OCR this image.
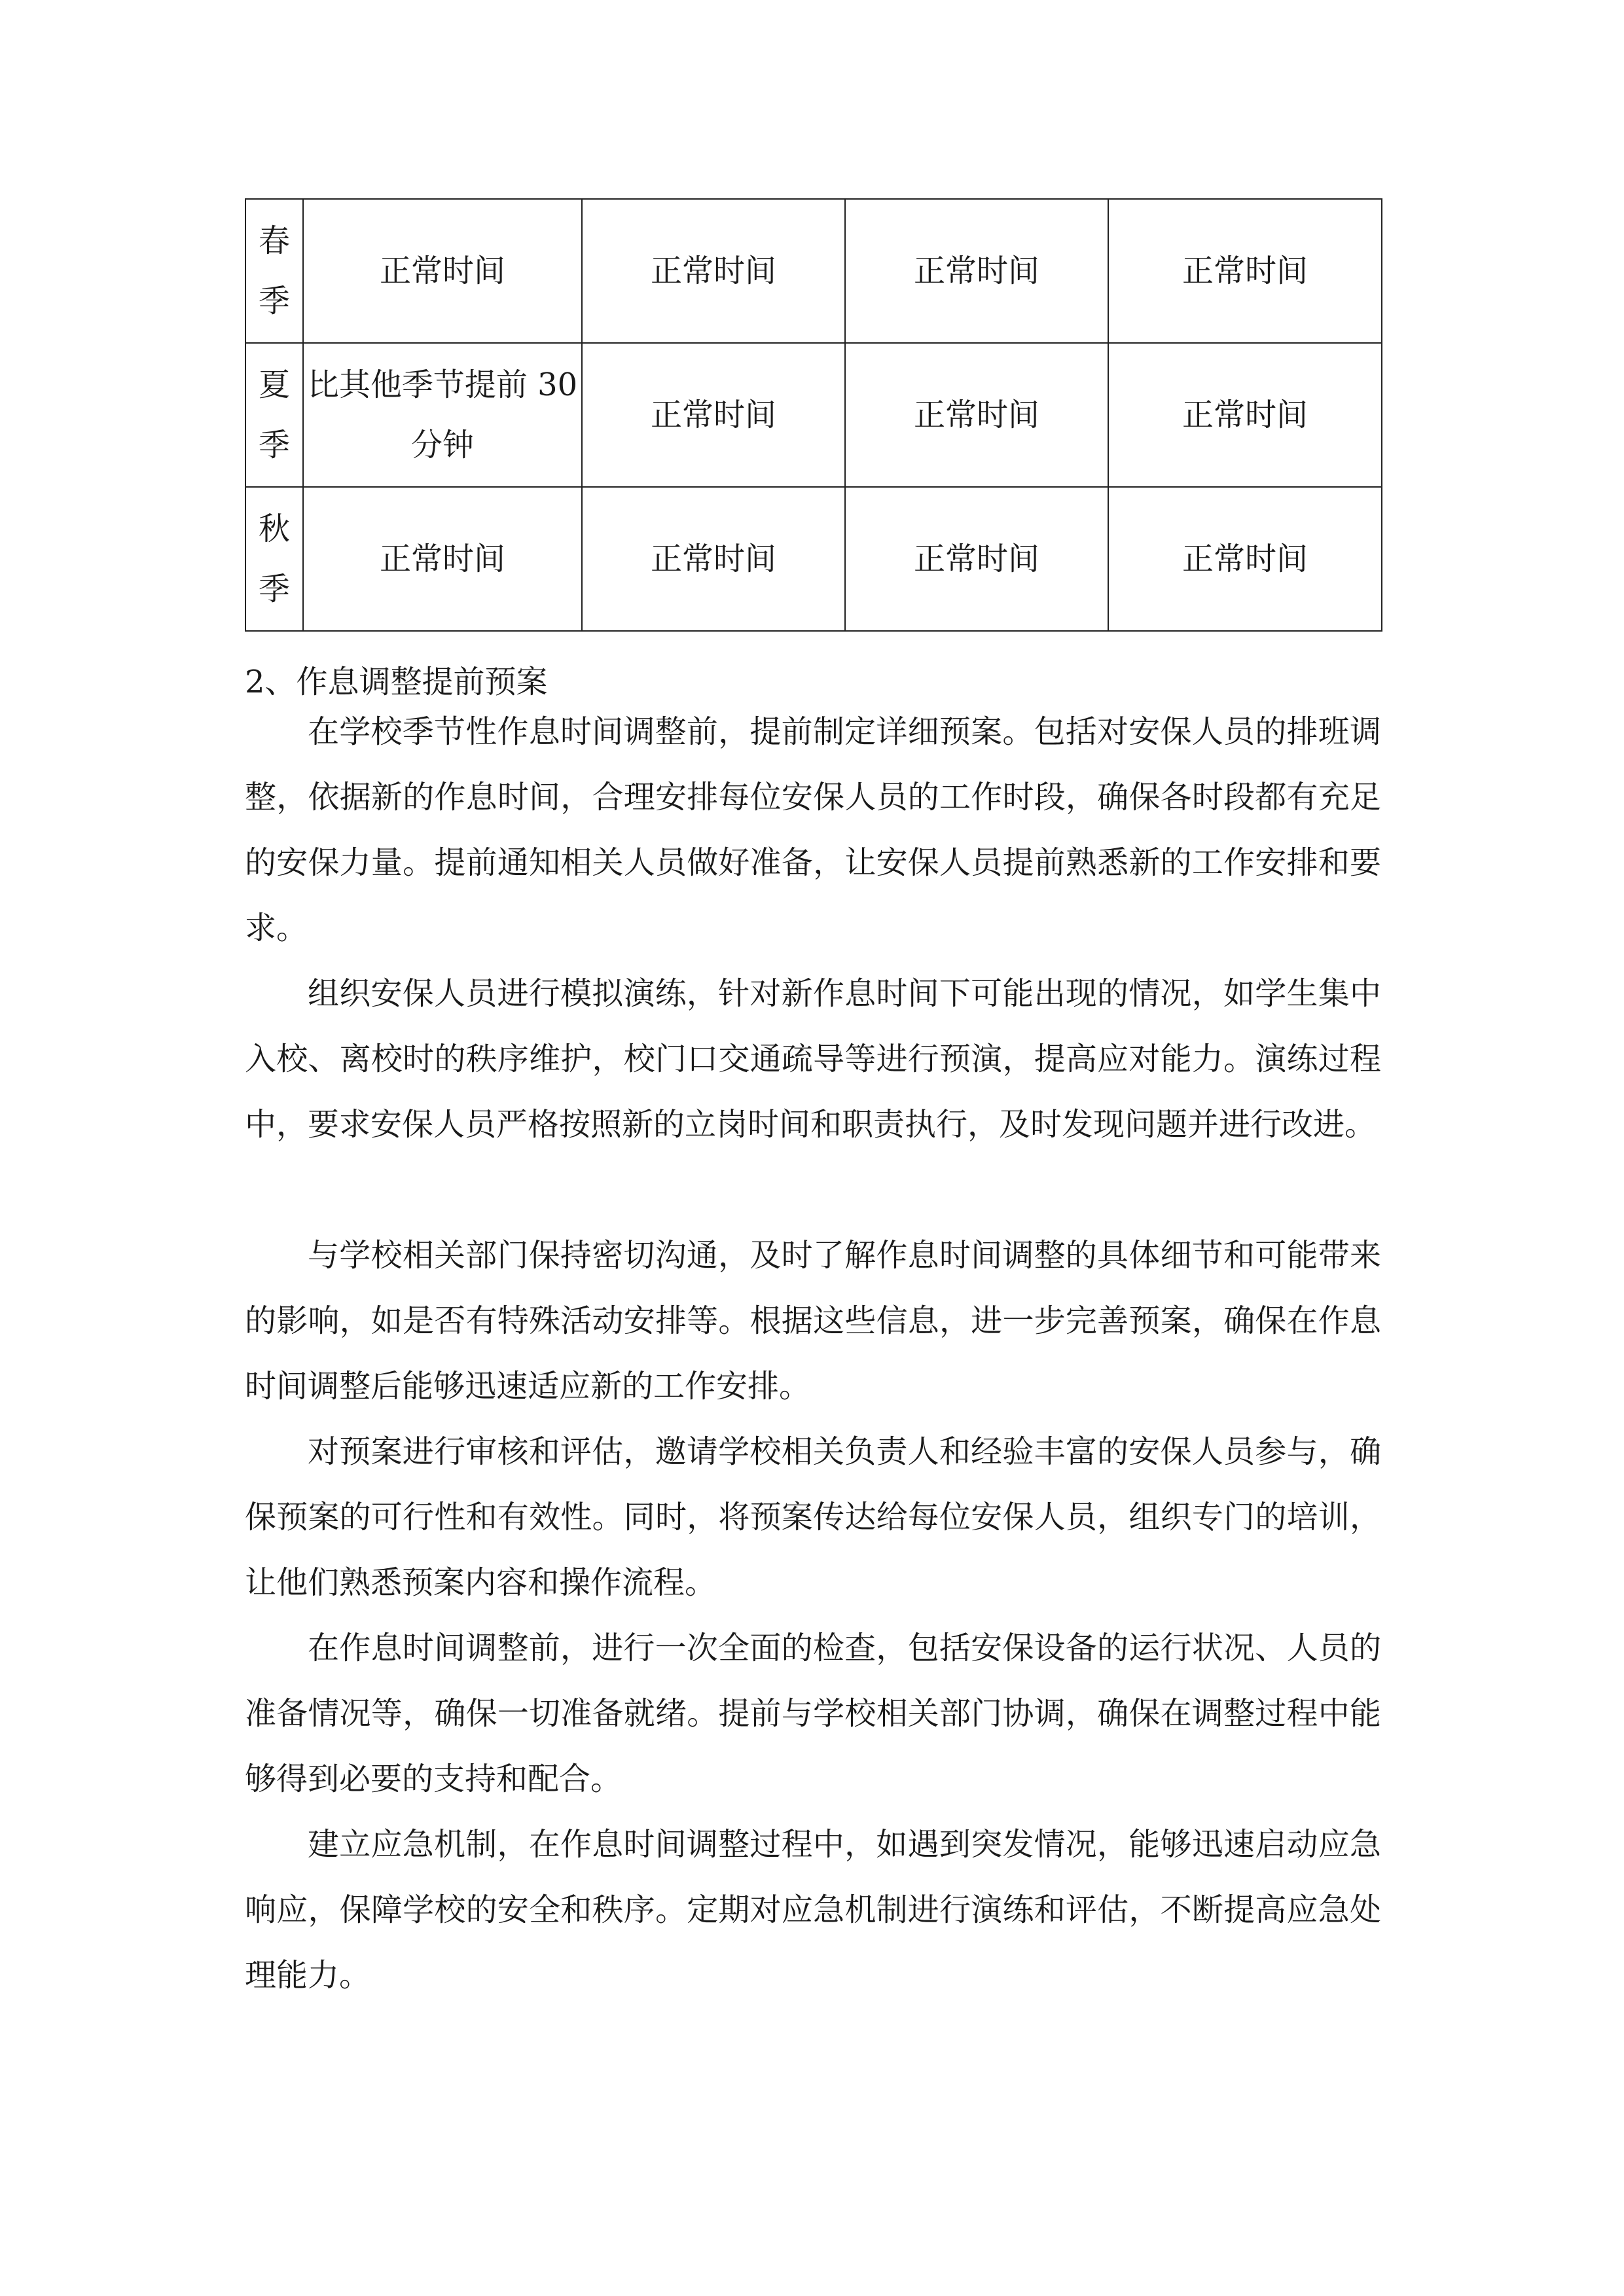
春
季	正常时间	正常时间	正常时间	正常时间

夏
季	比其他季节提前 30 分钟	正常时间	正常时间	正常时间

秋
季	正常时间	正常时间	正常时间	正常时间
2、作息调整提前预案

在学校季节性作息时间调整前，提前制定详细预案。包括对安保人员的排班调整，依据新的作息时间，合理安排每位安保人员的工作时段，确保各时段都有充足的安保力量。提前通知相关人员做好准备，让安保人员提前熟悉新的工作安排和要求。

组织安保人员进行模拟演练，针对新作息时间下可能出现的情况，如学生集中入校、离校时的秩序维护，校门口交通疏导等进行预演，提高应对能力。演练过程中，要求安保人员严格按照新的立岗时间和职责执行，及时发现问题并进行改进。

与学校相关部门保持密切沟通，及时了解作息时间调整的具体细节和可能带来的影响，如是否有特殊活动安排等。根据这些信息，进一步完善预案，确保在作息时间调整后能够迅速适应新的工作安排。

对预案进行审核和评估，邀请学校相关负责人和经验丰富的安保人员参与，确保预案的可行性和有效性。同时，将预案传达给每位安保人员，组织专门的培训，让他们熟悉预案内容和操作流程。

在作息时间调整前，进行一次全面的检查，包括安保设备的运行状况、人员的准备情况等，确保一切准备就绪。提前与学校相关部门协调，确保在调整过程中能够得到必要的支持和配合。

建立应急机制，在作息时间调整过程中，如遇到突发情况，能够迅速启动应急响应，保障学校的安全和秩序。定期对应急机制进行演练和评估，不断提高应急处理能力。
